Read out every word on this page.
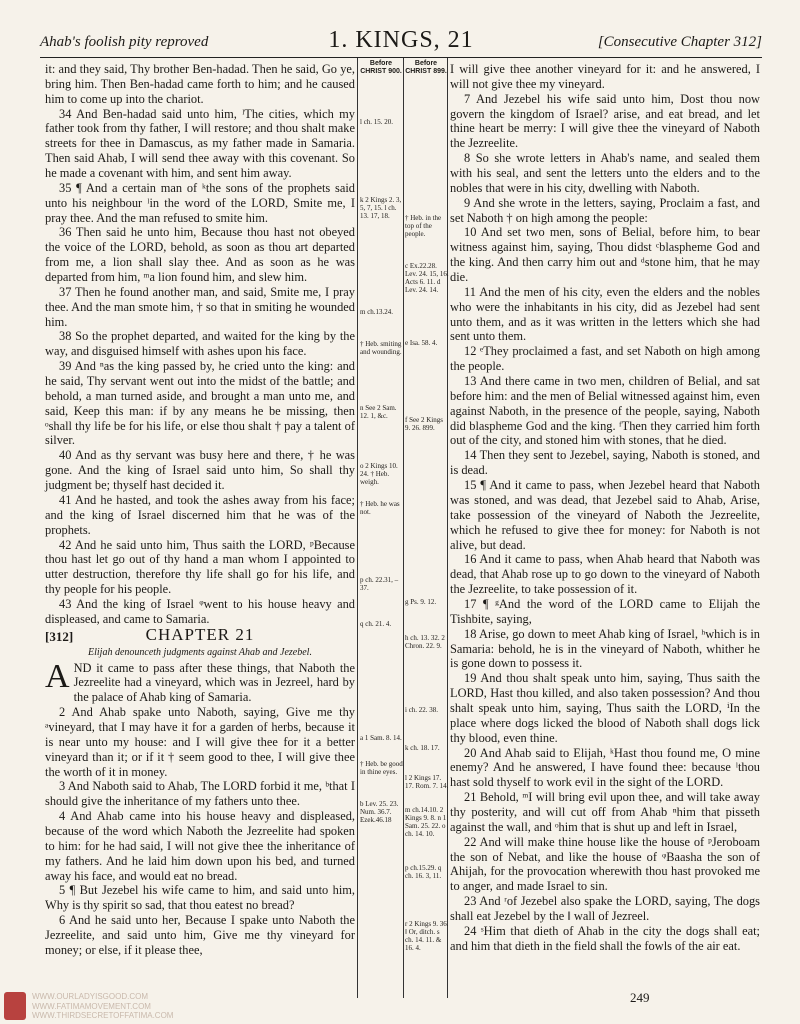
Ahab's foolish pity reproved	1. KINGS, 21	[Consecutive Chapter 312]
Before CHRIST 900.
Before CHRIST 899.
l ch. 15. 20.
k 2 Kings 2. 3, 5, 7, 15. l ch. 13. 17, 18.
m ch.13.24.
n See 2 Sam. 12. 1, &c.
o 2 Kings 10. 24. † Heb. weigh.
† Heb. he was not.
p ch. 22.31, –37.
q ch. 21. 4.
a 1 Sam. 8. 14.
† Heb. be good in thine eyes.
b Lev. 25. 23. Num. 36.7. Ezek.46.18
† Heb. in the top of the people.
c Ex.22.28. Lev. 24. 15, 16. Acts 6. 11. d Lev. 24. 14.
e Isa. 58. 4.
† Heb. smiting and wounding.
f See 2 Kings 9. 26. 899.
g Ps. 9. 12.
h ch. 13. 32. 2 Chron. 22. 9.
i ch. 22. 38.
k ch. 18. 17.
l 2 Kings 17. 17. Rom. 7. 14.
m ch.14.10. 2 Kings 9. 8. n 1 Sam. 25. 22. o ch. 14. 10.
p ch.15.29. q ch. 16. 3, 11.
r 2 Kings 9. 36. ‖ Or, ditch. s ch. 14. 11. & 16. 4.

it: and they said, Thy brother Ben-hadad. Then he said, Go ye, bring him. Then Ben-hadad came forth to him; and he caused him to come up into the chariot.

34 And Ben-hadad said unto him, ˡThe cities, which my father took from thy father, I will restore; and thou shalt make streets for thee in Damascus, as my father made in Samaria. Then said Ahab, I will send thee away with this covenant. So he made a covenant with him, and sent him away.

35 ¶ And a certain man of ᵏthe sons of the prophets said unto his neighbour ˡin the word of the LORD, Smite me, I pray thee. And the man refused to smite him.

36 Then said he unto him, Because thou hast not obeyed the voice of the LORD, behold, as soon as thou art departed from me, a lion shall slay thee. And as soon as he was departed from him, ᵐa lion found him, and slew him.

37 Then he found another man, and said, Smite me, I pray thee. And the man smote him, † so that in smiting he wounded him.

38 So the prophet departed, and waited for the king by the way, and disguised himself with ashes upon his face.

39 And ⁿas the king passed by, he cried unto the king: and he said, Thy servant went out into the midst of the battle; and behold, a man turned aside, and brought a man unto me, and said, Keep this man: if by any means he be missing, then ᵒshall thy life be for his life, or else thou shalt † pay a talent of silver.

40 And as thy servant was busy here and there, † he was gone. And the king of Israel said unto him, So shall thy judgment be; thyself hast decided it.

41 And he hasted, and took the ashes away from his face; and the king of Israel discerned him that he was of the prophets.

42 And he said unto him, Thus saith the LORD, ᵖBecause thou hast let go out of thy hand a man whom I appointed to utter destruction, therefore thy life shall go for his life, and thy people for his people.

43 And the king of Israel ᵠwent to his house heavy and displeased, and came to Samaria.

[312]	CHAPTER 21

Elijah denounceth judgments against Ahab and Jezebel.

AND it came to pass after these things, that Naboth the Jezreelite had a vineyard, which was in Jezreel, hard by the palace of Ahab king of Samaria.

2 And Ahab spake unto Naboth, saying, Give me thy ᵃvineyard, that I may have it for a garden of herbs, because it is near unto my house: and I will give thee for it a better vineyard than it; or if it † seem good to thee, I will give thee the worth of it in money.

3 And Naboth said to Ahab, The LORD forbid it me, ᵇthat I should give the inheritance of my fathers unto thee.

4 And Ahab came into his house heavy and displeased, because of the word which Naboth the Jezreelite had spoken to him: for he had said, I will not give thee the inheritance of my fathers. And he laid him down upon his bed, and turned away his face, and would eat no bread.

5 ¶ But Jezebel his wife came to him, and said unto him, Why is thy spirit so sad, that thou eatest no bread?

6 And he said unto her, Because I spake unto Naboth the Jezreelite, and said unto him, Give me thy vineyard for money; or else, if it please thee,

I will give thee another vineyard for it: and he answered, I will not give thee my vineyard.

7 And Jezebel his wife said unto him, Dost thou now govern the kingdom of Israel? arise, and eat bread, and let thine heart be merry: I will give thee the vineyard of Naboth the Jezreelite.

8 So she wrote letters in Ahab's name, and sealed them with his seal, and sent the letters unto the elders and to the nobles that were in his city, dwelling with Naboth.

9 And she wrote in the letters, saying, Proclaim a fast, and set Naboth † on high among the people:

10 And set two men, sons of Belial, before him, to bear witness against him, saying, Thou didst ᶜblaspheme God and the king. And then carry him out and ᵈstone him, that he may die.

11 And the men of his city, even the elders and the nobles who were the inhabitants in his city, did as Jezebel had sent unto them, and as it was written in the letters which she had sent unto them.

12 ᵉThey proclaimed a fast, and set Naboth on high among the people.

13 And there came in two men, children of Belial, and sat before him: and the men of Belial witnessed against him, even against Naboth, in the presence of the people, saying, Naboth did blaspheme God and the king. ᶠThen they carried him forth out of the city, and stoned him with stones, that he died.

14 Then they sent to Jezebel, saying, Naboth is stoned, and is dead.

15 ¶ And it came to pass, when Jezebel heard that Naboth was stoned, and was dead, that Jezebel said to Ahab, Arise, take possession of the vineyard of Naboth the Jezreelite, which he refused to give thee for money: for Naboth is not alive, but dead.

16 And it came to pass, when Ahab heard that Naboth was dead, that Ahab rose up to go down to the vineyard of Naboth the Jezreelite, to take possession of it.

17 ¶ ᵍAnd the word of the LORD came to Elijah the Tishbite, saying,

18 Arise, go down to meet Ahab king of Israel, ʰwhich is in Samaria: behold, he is in the vineyard of Naboth, whither he is gone down to possess it.

19 And thou shalt speak unto him, saying, Thus saith the LORD, Hast thou killed, and also taken possession? And thou shalt speak unto him, saying, Thus saith the LORD, ⁱIn the place where dogs licked the blood of Naboth shall dogs lick thy blood, even thine.

20 And Ahab said to Elijah, ᵏHast thou found me, O mine enemy? And he answered, I have found thee: because ˡthou hast sold thyself to work evil in the sight of the LORD.

21 Behold, ᵐI will bring evil upon thee, and will take away thy posterity, and will cut off from Ahab ⁿhim that pisseth against the wall, and ᵒhim that is shut up and left in Israel,

22 And will make thine house like the house of ᵖJeroboam the son of Nebat, and like the house of ᵠBaasha the son of Ahijah, for the provocation wherewith thou hast provoked me to anger, and made Israel to sin.

23 And ʳof Jezebel also spake the LORD, saying, The dogs shall eat Jezebel by the ‖ wall of Jezreel.

24 ˢHim that dieth of Ahab in the city the dogs shall eat; and him that dieth in the field shall the fowls of the air eat.

249
WWW.OURLADYISGOOD.COM
WWW.FATIMAMOVEMENT.COM
WWW.THIRDSECRETOFFATIMA.COM
